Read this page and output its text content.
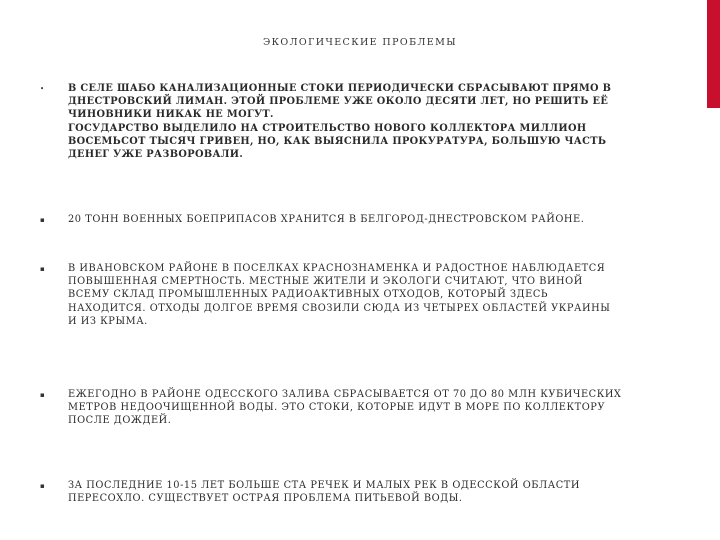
ЭКОЛОГИЧЕСКИЕ ПРОБЛЕМЫ
•	В СЕЛЕ ШАБО КАНАЛИЗАЦИОННЫЕ СТОКИ ПЕРИОДИЧЕСКИ СБРАСЫВАЮТ ПРЯМО В
ДНЕСТРОВСКИЙ ЛИМАН. ЭТОЙ ПРОБЛЕМЕ УЖЕ ОКОЛО ДЕСЯТИ ЛЕТ, НО РЕШИТЬ ЕЁ
ЧИНОВНИКИ НИКАК НЕ МОГУТ.
ГОСУДАРСТВО ВЫДЕЛИЛО НА СТРОИТЕЛЬСТВО НОВОГО КОЛЛЕКТОРА МИЛЛИОН
ВОСЕМЬСОТ ТЫСЯЧ ГРИВЕН, НО, КАК ВЫЯСНИЛА ПРОКУРАТУРА, БОЛЬШУЮ ЧАСТЬ
ДЕНЕГ УЖЕ РАЗВОРОВАЛИ.
▪	20 ТОНН ВОЕННЫХ БОЕПРИПАСОВ ХРАНИТСЯ В БЕЛГОРОД-ДНЕСТРОВСКОМ РАЙОНЕ.
▪	В ИВАНОВСКОМ РАЙОНЕ В ПОСЕЛКАХ КРАСНОЗНАМЕНКА И РАДОСТНОЕ НАБЛЮДАЕТСЯ
ПОВЫШЕННАЯ СМЕРТНОСТЬ. МЕСТНЫЕ ЖИТЕЛИ И ЭКОЛОГИ СЧИТАЮТ, ЧТО ВИНОЙ
ВСЕМУ СКЛАД ПРОМЫШЛЕННЫХ РАДИОАКТИВНЫХ ОТХОДОВ, КОТОРЫЙ ЗДЕСЬ
НАХОДИТСЯ. ОТХОДЫ ДОЛГОЕ ВРЕМЯ СВОЗИЛИ СЮДА ИЗ ЧЕТЫРЕХ ОБЛАСТЕЙ УКРАИНЫ
И ИЗ КРЫМА.
▪	ЕЖЕГОДНО В РАЙОНЕ ОДЕССКОГО ЗАЛИВА СБРАСЫВАЕТСЯ ОТ 70 ДО 80 МЛН КУБИЧЕСКИХ
МЕТРОВ НЕДООЧИЩЕННОЙ ВОДЫ. ЭТО СТОКИ, КОТОРЫЕ ИДУТ В МОРЕ ПО КОЛЛЕКТОРУ
ПОСЛЕ ДОЖДЕЙ.
▪	ЗА ПОСЛЕДНИЕ 10-15 ЛЕТ БОЛЬШЕ СТА РЕЧЕК И МАЛЫХ РЕК В ОДЕССКОЙ ОБЛАСТИ
ПЕРЕСОХЛО. СУЩЕСТВУЕТ ОСТРАЯ ПРОБЛЕМА ПИТЬЕВОЙ ВОДЫ.
